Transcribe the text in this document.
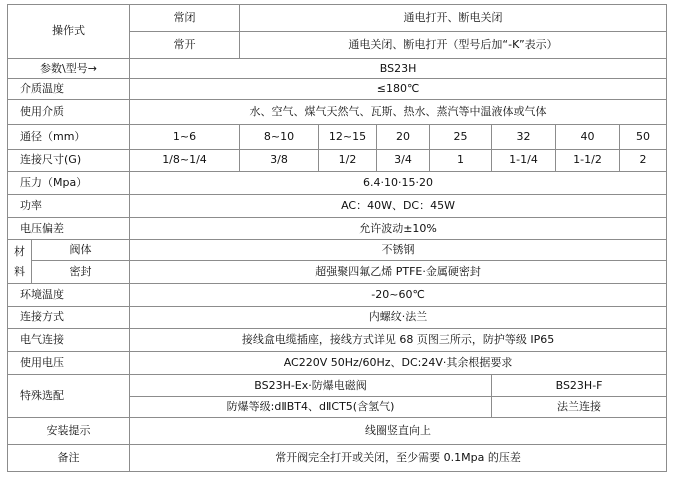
操作式		常闭	通电打开、断电关闭						
		常开	通电关闭、断电打开（型号后加“-K”表示）						
参数\型号→		BS23H							
介质温度		≤180℃							
使用介质		水、空气、煤气天然气、瓦斯、热水、蒸汽等中温液体或气体							
通径（mm）		1~6	8~10	12~15	20	25	32	40	50
连接尺寸(G)		1/8~1/4	3/8	1/2	3/4	1	1-1/4	1-1/2	2
压力（Mpa）		6.4·10·15·20							
功率		AC：40W、DC：45W							
电压偏差		允许波动±10%							
材料	阀体	不锈钢							
	密封	超强聚四氟乙烯 PTFE·金属硬密封							
环境温度		-20~60℃							
连接方式		内螺纹·法兰							
电气连接		接线盒电缆插座，接线方式详见 68 页图三所示，防护等级 IP65							
使用电压		AC220V 50Hz/60Hz、DC:24V·其余根据要求							
特殊选配		BS23H-Ex·防爆电磁阀					BS23H-F		
		防爆等级:dⅡBT4、dⅡCT5(含氢气)					法兰连接		
安装提示		线圈竖直向上							
备注		常开阀完全打开或关闭，至少需要 0.1Mpa 的压差							
